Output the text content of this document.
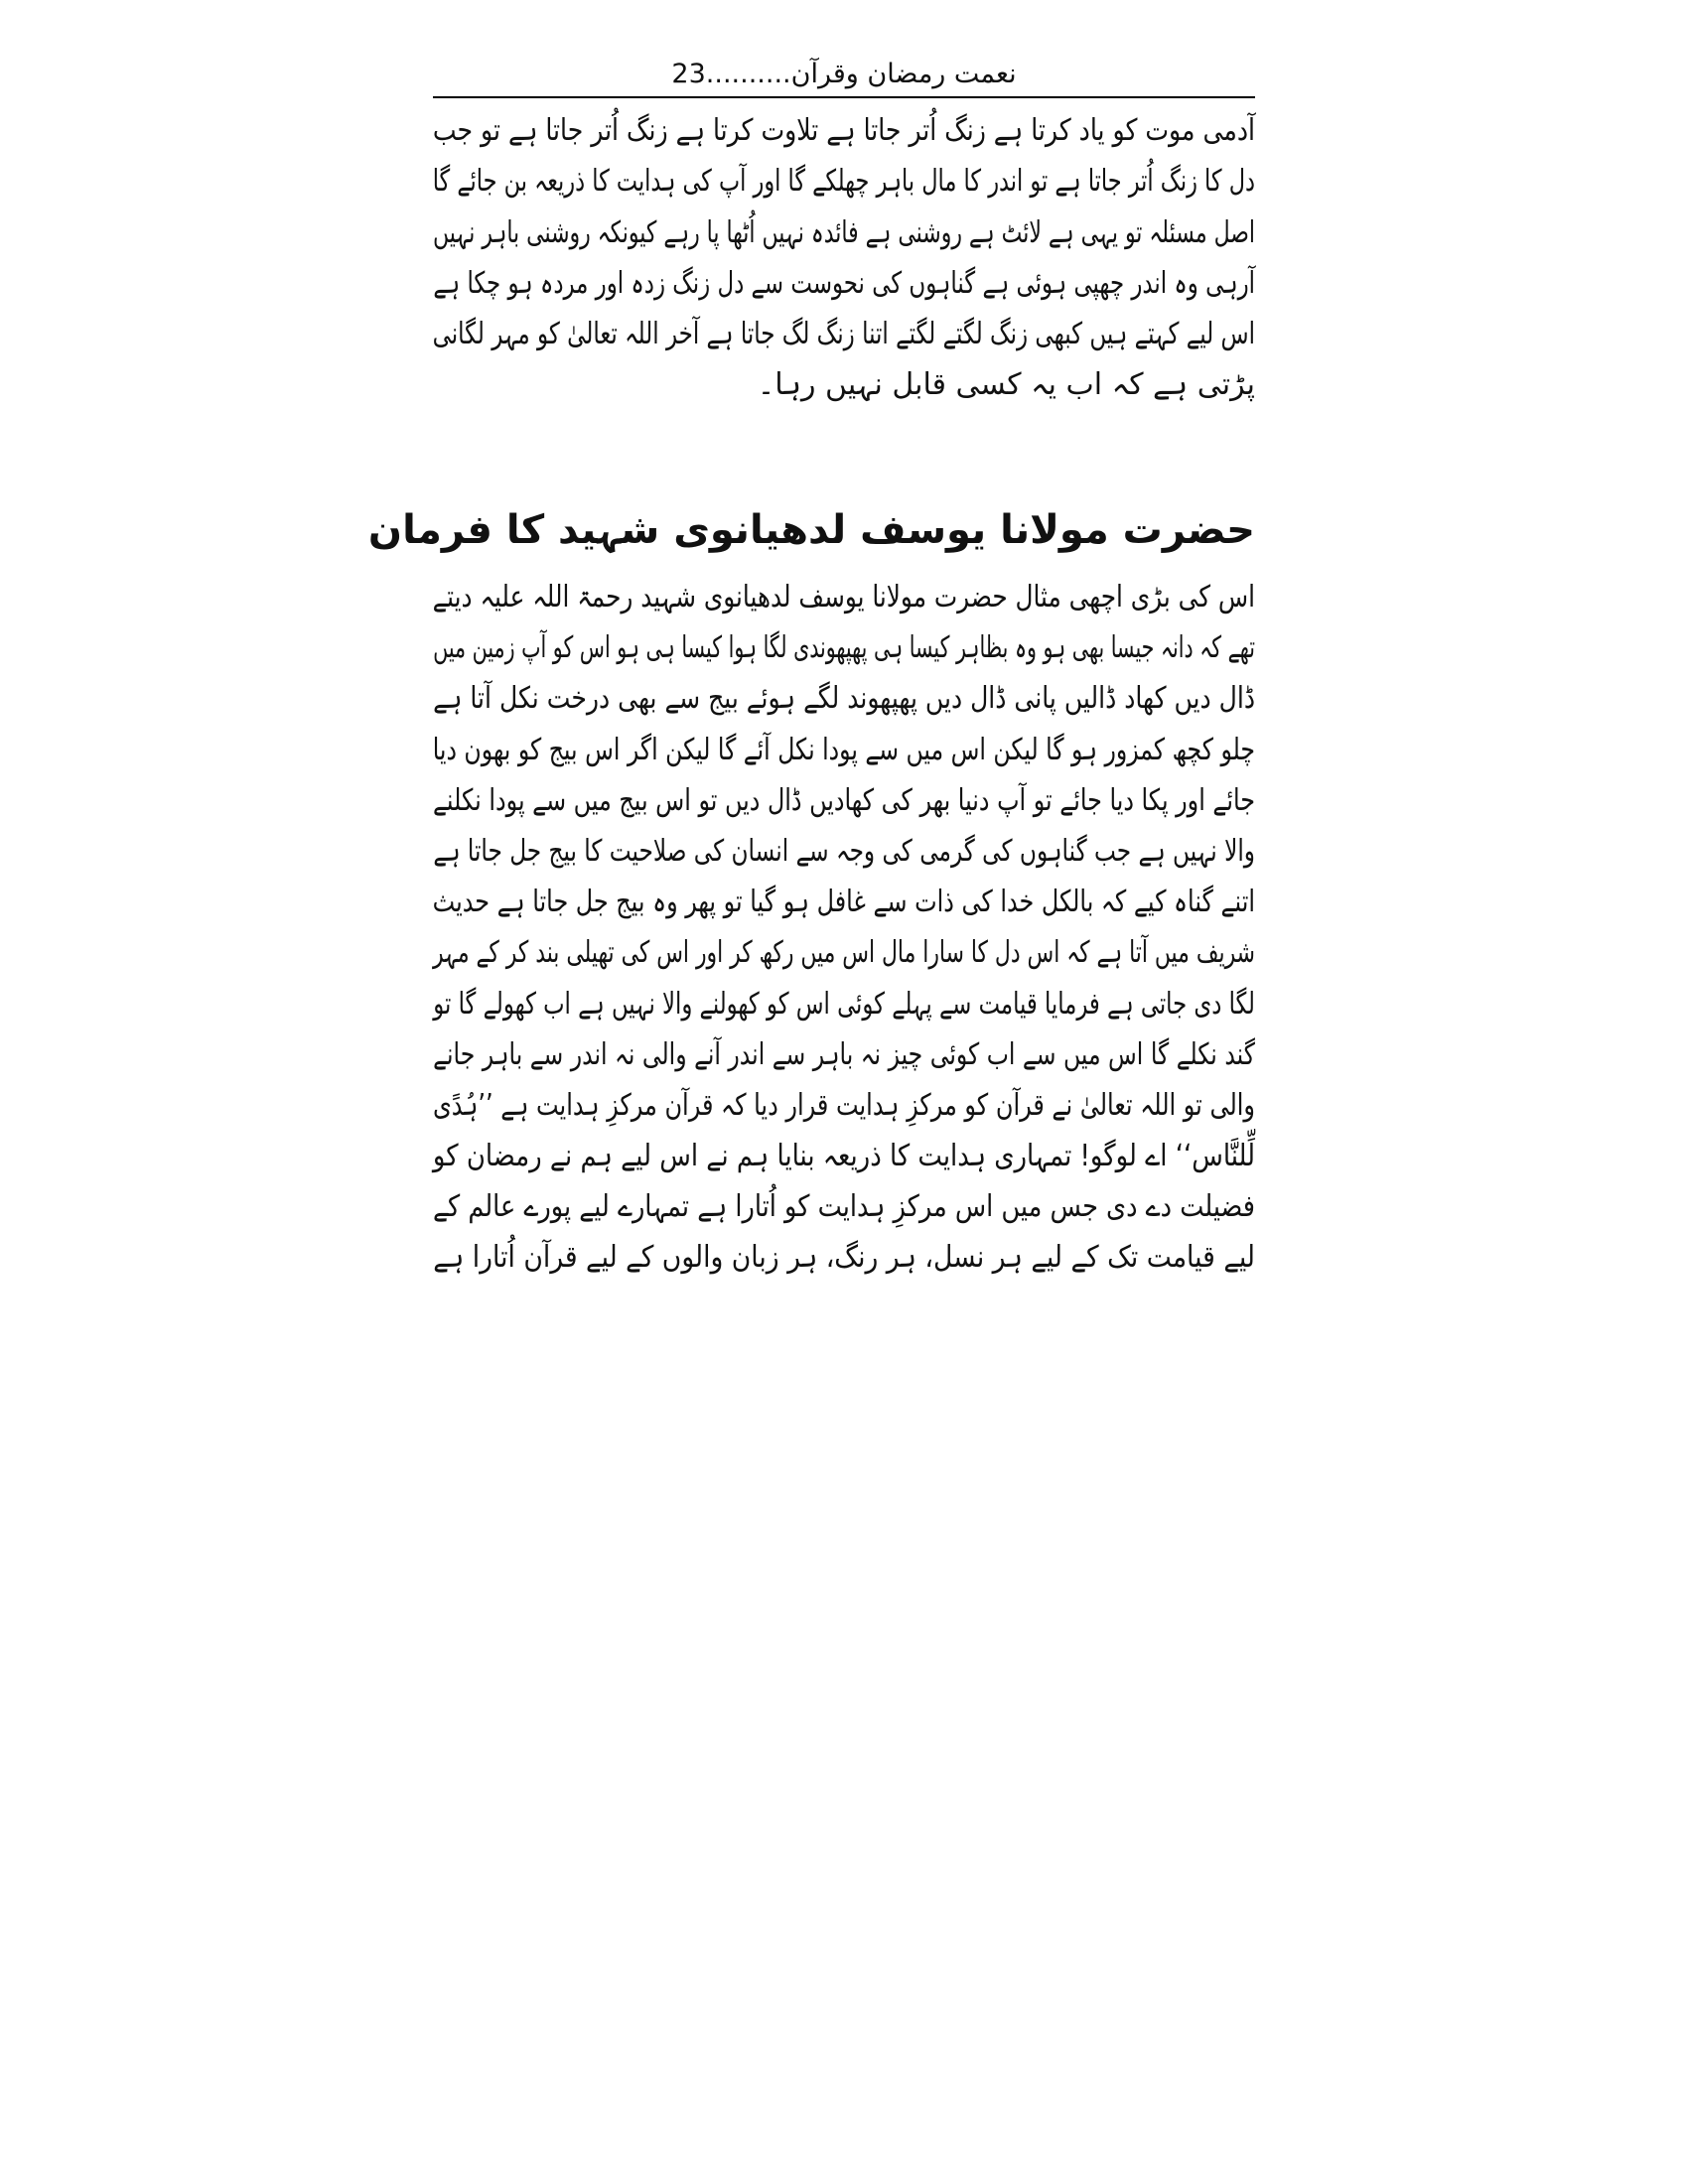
23..........نعمت رمضان وقرآن
آدمی موت کو یاد کرتا ہے زنگ اُتر جاتا ہے تلاوت کرتا ہے زنگ اُتر جاتا ہے تو جب
دل کا زنگ اُتر جاتا ہے تو اندر کا مال باہر چھلکے گا اور آپ کی ہدایت کا ذریعہ بن جائے گا
اصل مسئلہ تو یہی ہے لائٹ ہے روشنی ہے فائدہ نہیں اُٹھا پا رہے کیونکہ روشنی باہر نہیں
آرہی وہ اندر چھپی ہوئی ہے گناہوں کی نحوست سے دل زنگ زدہ اور مردہ ہو چکا ہے
اس لیے کہتے ہیں کبھی زنگ لگتے لگتے اتنا زنگ لگ جاتا ہے آخر اللہ تعالیٰ کو مہر لگانی
پڑتی ہے کہ اب یہ کسی قابل نہیں رہا۔
حضرت مولانا یوسف لدھیانوی شہید کا فرمان
اس کی بڑی اچھی مثال حضرت مولانا یوسف لدھیانوی شہید رحمۃ اللہ علیہ دیتے
تھے کہ دانہ جیسا بھی ہو وہ بظاہر کیسا ہی پھپھوندی لگا ہوا کیسا ہی ہو اس کو آپ زمین میں
ڈال دیں کھاد ڈالیں پانی ڈال دیں پھپھوند لگے ہوئے بیج سے بھی درخت نکل آتا ہے
چلو کچھ کمزور ہو گا لیکن اس میں سے پودا نکل آئے گا لیکن اگر اس بیج کو بھون دیا
جائے اور پکا دیا جائے تو آپ دنیا بھر کی کھادیں ڈال دیں تو اس بیج میں سے پودا نکلنے
والا نہیں ہے جب گناہوں کی گرمی کی وجہ سے انسان کی صلاحیت کا بیج جل جاتا ہے
اتنے گناہ کیے کہ بالکل خدا کی ذات سے غافل ہو گیا تو پھر وہ بیج جل جاتا ہے حدیث
شریف میں آتا ہے کہ اس دل کا سارا مال اس میں رکھ کر اور اس کی تھیلی بند کر کے مہر
لگا دی جاتی ہے فرمایا قیامت سے پہلے کوئی اس کو کھولنے والا نہیں ہے اب کھولے گا تو
گند نکلے گا اس میں سے اب کوئی چیز نہ باہر سے اندر آنے والی نہ اندر سے باہر جانے
والی تو اللہ تعالیٰ نے قرآن کو مرکزِ ہدایت قرار دیا کہ قرآن مرکزِ ہدایت ہے ’’ہُدًی
لِّلنَّاس‘‘ اے لوگو! تمہاری ہدایت کا ذریعہ بنایا ہم نے اس لیے ہم نے رمضان کو
فضیلت دے دی جس میں اس مرکزِ ہدایت کو اُتارا ہے تمہارے لیے پورے عالم کے
لیے قیامت تک کے لیے ہر نسل، ہر رنگ، ہر زبان والوں کے لیے قرآن اُتارا ہے
